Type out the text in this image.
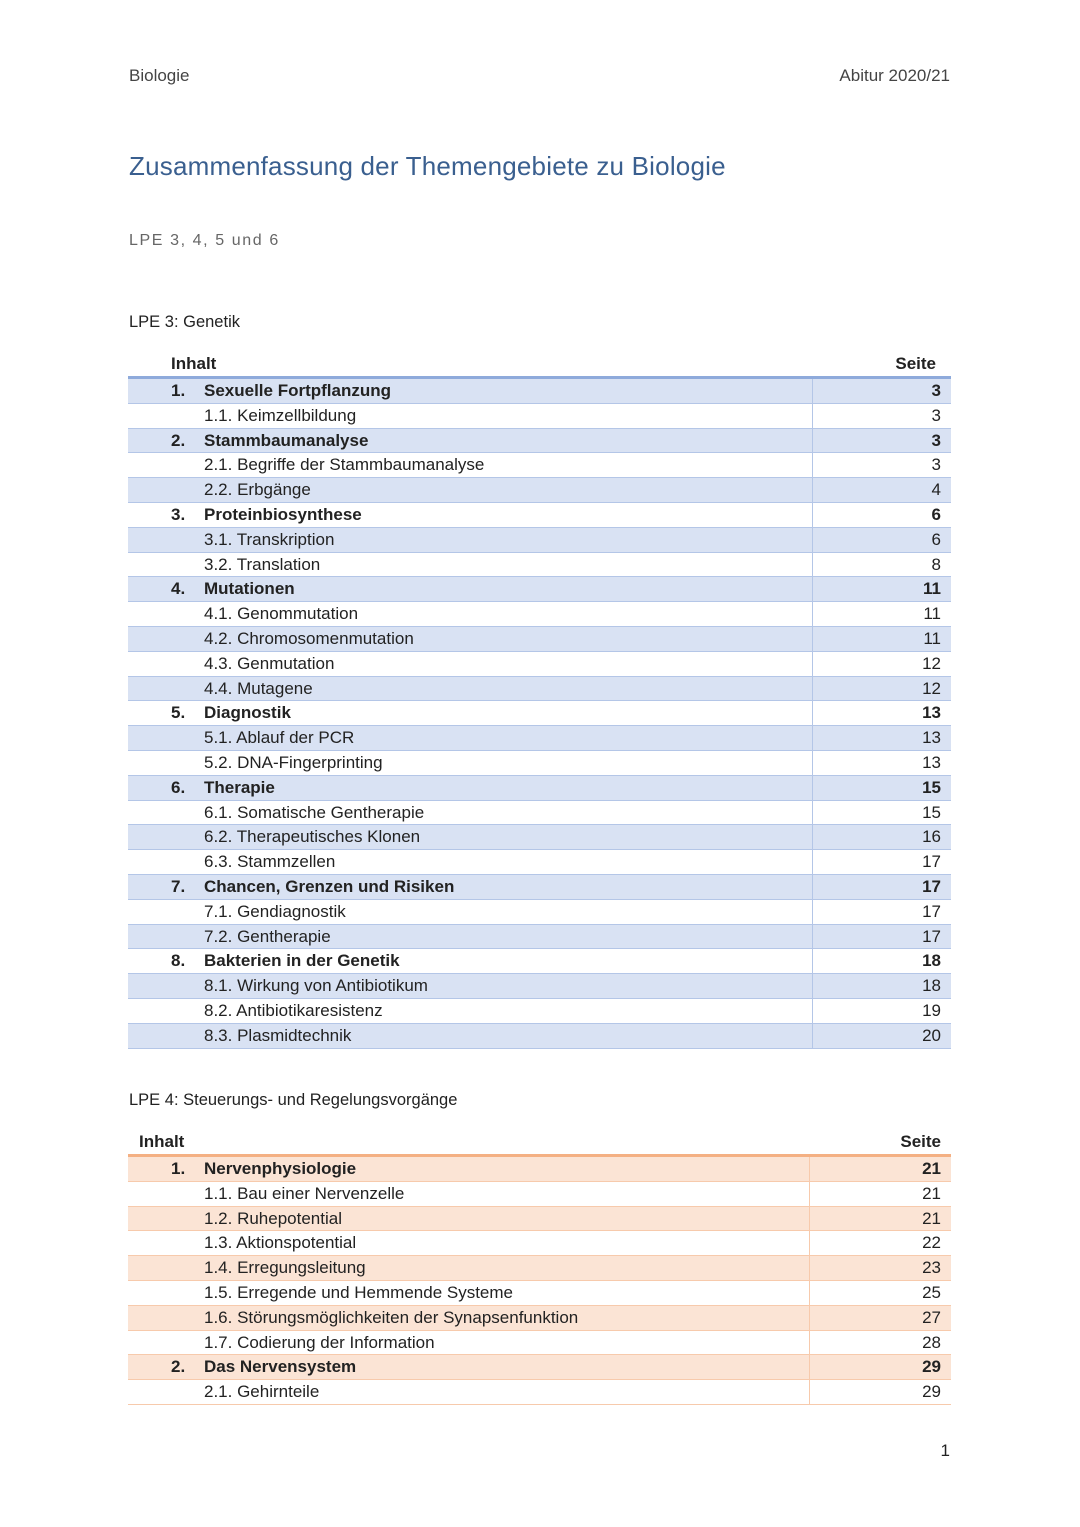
Biologie	Abitur 2020/21
Zusammenfassung der Themengebiete zu Biologie
LPE 3, 4, 5 und 6
LPE 3: Genetik
Inhalt	Seite
1. Sexuelle Fortpflanzung	3
1.1. Keimzellbildung	3
2. Stammbaumanalyse	3
2.1. Begriffe der Stammbaumanalyse	3
2.2. Erbgänge	4
3. Proteinbiosynthese	6
3.1. Transkription	6
3.2. Translation	8
4. Mutationen	11
4.1. Genommutation	11
4.2. Chromosomenmutation	11
4.3. Genmutation	12
4.4. Mutagene	12
5. Diagnostik	13
5.1. Ablauf der PCR	13
5.2. DNA-Fingerprinting	13
6. Therapie	15
6.1. Somatische Gentherapie	15
6.2. Therapeutisches Klonen	16
6.3. Stammzellen	17
7. Chancen, Grenzen und Risiken	17
7.1. Gendiagnostik	17
7.2. Gentherapie	17
8. Bakterien in der Genetik	18
8.1. Wirkung von Antibiotikum	18
8.2. Antibiotikaresistenz	19
8.3. Plasmidtechnik	20
LPE 4: Steuerungs- und Regelungsvorgänge
Inhalt	Seite
1. Nervenphysiologie	21
1.1. Bau einer Nervenzelle	21
1.2. Ruhepotential	21
1.3. Aktionspotential	22
1.4. Erregungsleitung	23
1.5. Erregende und Hemmende Systeme	25
1.6. Störungsmöglichkeiten der Synapsenfunktion	27
1.7. Codierung der Information	28
2. Das Nervensystem	29
2.1. Gehirnteile	29
1
